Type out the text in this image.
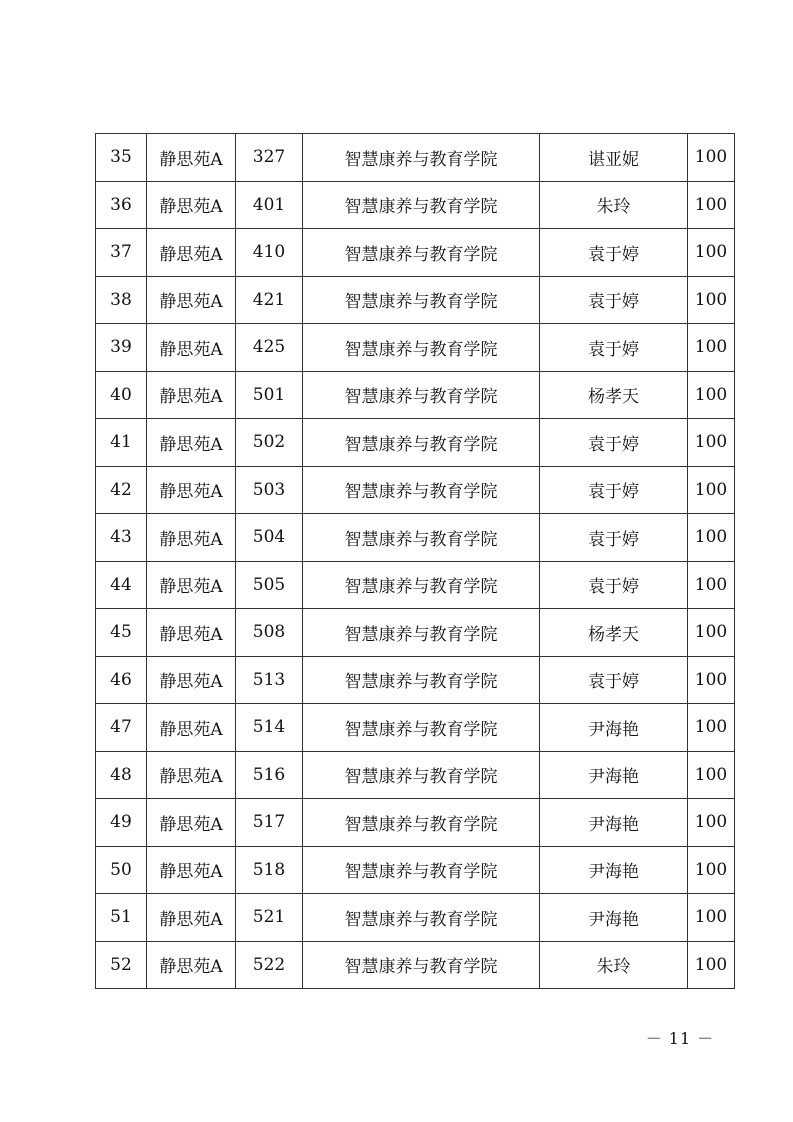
35	静思苑A	327	智慧康养与教育学院	谌亚妮	100
36	静思苑A	401	智慧康养与教育学院	朱玲	100
37	静思苑A	410	智慧康养与教育学院	袁于婷	100
38	静思苑A	421	智慧康养与教育学院	袁于婷	100
39	静思苑A	425	智慧康养与教育学院	袁于婷	100
40	静思苑A	501	智慧康养与教育学院	杨孝天	100
41	静思苑A	502	智慧康养与教育学院	袁于婷	100
42	静思苑A	503	智慧康养与教育学院	袁于婷	100
43	静思苑A	504	智慧康养与教育学院	袁于婷	100
44	静思苑A	505	智慧康养与教育学院	袁于婷	100
45	静思苑A	508	智慧康养与教育学院	杨孝天	100
46	静思苑A	513	智慧康养与教育学院	袁于婷	100
47	静思苑A	514	智慧康养与教育学院	尹海艳	100
48	静思苑A	516	智慧康养与教育学院	尹海艳	100
49	静思苑A	517	智慧康养与教育学院	尹海艳	100
50	静思苑A	518	智慧康养与教育学院	尹海艳	100
51	静思苑A	521	智慧康养与教育学院	尹海艳	100
52	静思苑A	522	智慧康养与教育学院	朱玲	100
－ 11 －
